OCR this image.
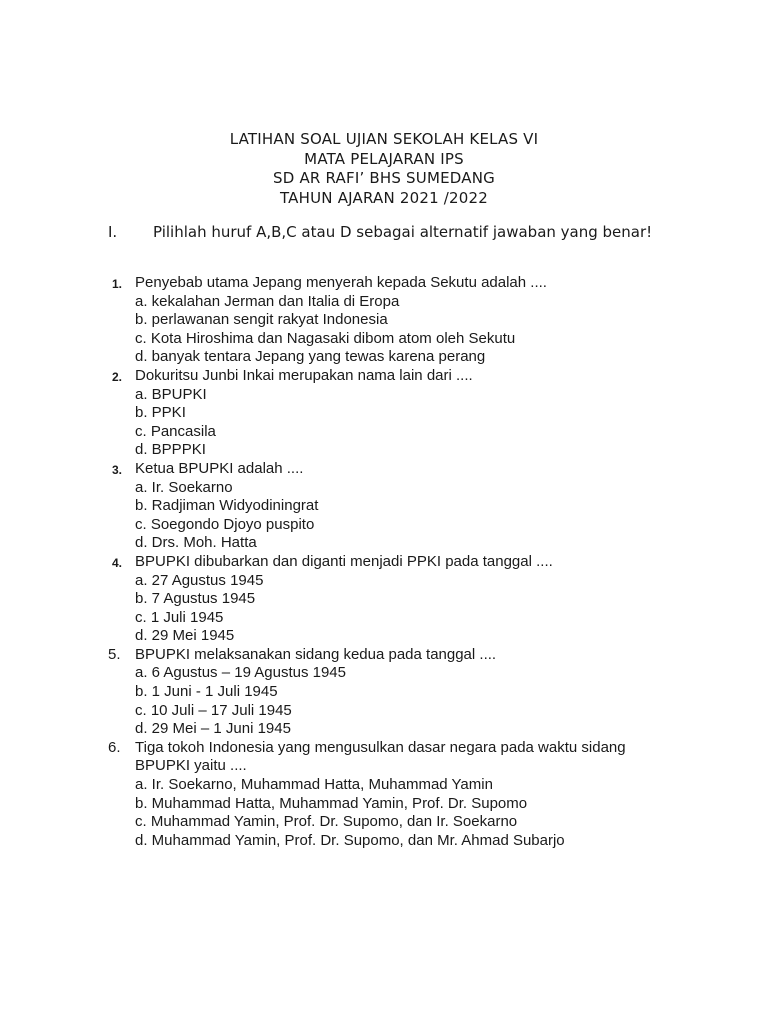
LATIHAN SOAL UJIAN SEKOLAH KELAS VI
MATA PELAJARAN IPS
SD AR RAFI’ BHS SUMEDANG
TAHUN AJARAN 2021 /2022
I. Pilihlah huruf A,B,C atau D sebagai alternatif jawaban yang benar!
1. Penyebab utama Jepang menyerah kepada Sekutu adalah ....
a. kekalahan Jerman dan Italia di Eropa
b. perlawanan sengit rakyat Indonesia
c. Kota Hiroshima dan Nagasaki dibom atom oleh Sekutu
d. banyak tentara Jepang yang tewas karena perang
2. Dokuritsu Junbi Inkai merupakan nama lain dari ....
a. BPUPKI
b. PPKI
c. Pancasila
d. BPPPKI
3. Ketua BPUPKI adalah ....
a. Ir. Soekarno
b. Radjiman Widyodiningrat
c. Soegondo Djoyo puspito
d. Drs. Moh. Hatta
4. BPUPKI dibubarkan dan diganti menjadi PPKI pada tanggal ....
a. 27 Agustus 1945
b. 7 Agustus 1945
c. 1 Juli 1945
d. 29 Mei 1945
5. BPUPKI melaksanakan sidang kedua pada tanggal ....
a. 6 Agustus – 19 Agustus 1945
b. 1 Juni - 1 Juli 1945
c. 10 Juli – 17 Juli 1945
d. 29 Mei – 1 Juni 1945
6. Tiga tokoh Indonesia yang mengusulkan dasar negara pada waktu sidang BPUPKI yaitu ....
a. Ir. Soekarno, Muhammad Hatta, Muhammad Yamin
b. Muhammad Hatta, Muhammad Yamin, Prof. Dr. Supomo
c. Muhammad Yamin, Prof. Dr. Supomo, dan Ir. Soekarno
d. Muhammad Yamin, Prof. Dr. Supomo, dan Mr. Ahmad Subarjo
